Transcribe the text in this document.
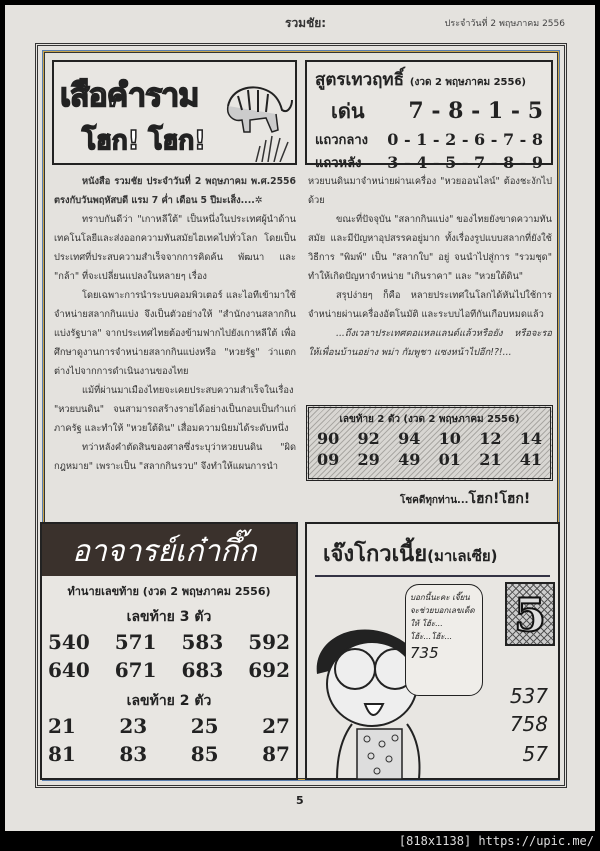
รวมชัย:	ประจำวันที่ 2 พฤษภาคม 2556
เสือคำราม
โฮก! โฮก!
สูตรเทวฤทธิ์ (งวด 2 พฤษภาคม 2556)
เด่น 7 - 8 - 1 - 5
แถวกลาง 0 - 1 - 2 - 6 - 7 - 8
แถวหลัง 3 - 4 - 5 - 7 - 8 - 9

หนังสือ รวมชัย ประจำวันที่ 2 พฤษภาคม พ.ศ.2556 ตรงกับวันพฤหัสบดี แรม 7 ค่ำ เดือน 5 ปีมะเส็ง....✲

ทราบกันดีว่า "เกาหลีใต้" เป็นหนึ่งในประเทศผู้นำด้านเทคโนโลยีและส่งออกความทันสมัยไฮเทคไปทั่วโลก โดยเป็นประเทศที่ประสบความสำเร็จจากการคิดค้น พัฒนา และ "กล้า" ที่จะเปลี่ยนแปลงในหลายๆ เรื่อง

โดยเฉพาะการนำระบบคอมพิวเตอร์ และไอทีเข้ามาใช้จำหน่ายสลากกินแบ่ง จึงเป็นตัวอย่างให้ "สำนักงานสลากกินแบ่งรัฐบาล" จากประเทศไทยต้องข้ามฟากไปยังเกาหลีใต้ เพื่อศึกษาดูงานการจำหน่ายสลากกินแบ่งหรือ "หวยรัฐ" ว่าแตกต่างไปจากการดำเนินงานของไทย

แม้ที่ผ่านมาเมืองไทยจะเคยประสบความสำเร็จในเรื่อง "หวยบนดิน" จนสามารถสร้างรายได้อย่างเป็นกอบเป็นกำแก่ภาครัฐ และทำให้ "หวยใต้ดิน" เสื่อมความนิยมได้ระดับหนึ่ง

ทว่าหลังคำตัดสินของศาลซึ่งระบุว่าหวยบนดิน "ผิดกฎหมาย" เพราะเป็น "สลากกินรวบ" จึงทำให้แผนการนำ

หวยบนดินมาจำหน่ายผ่านเครื่อง "หวยออนไลน์" ต้องชะงักไปด้วย

ขณะที่ปัจจุบัน "สลากกินแบ่ง" ของไทยยังขาดความทันสมัย และมีปัญหาอุปสรรคอยู่มาก ทั้งเรื่องรูปแบบสลากที่ยังใช้วิธีการ "พิมพ์" เป็น "สลากใบ" อยู่ จนนำไปสู่การ "รวมชุด" ทำให้เกิดปัญหาจำหน่าย "เกินราคา" และ "หวยใต้ดิน"

สรุปง่ายๆ ก็คือ หลายประเทศในโลกได้หันไปใช้การจำหน่ายผ่านเครื่องอัตโนมัติ และระบบไอทีกันเกือบหมดแล้ว

...ถึงเวลาประเทศตอแหลแลนด์แล้วหรือยัง หรือจะรอให้เพื่อนบ้านอย่าง พม่า กัมพูชา แซงหน้าไปอีก!?!...

เลขท้าย 2 ตัว (งวด 2 พฤษภาคม 2556)
90 92 94 10 12 14
09 29 49 01 21 41
โชคดีทุกท่าน...โฮก!โฮก!
อาจารย์เก๋ากึ๊ก
ทำนายเลขท้าย (งวด 2 พฤษภาคม 2556)
เลขท้าย 3 ตัว
540 571 583 592
640 671 683 692
เลขท้าย 2 ตัว
21 23 25 27
81 83 85 87
เจ๊งโกวเนี้ย(มาเลเซีย)
บอกนี้นะคะ เจี๊ยนจะช่วยบอกเลขเด็ดให้ โฮ้ะ... โฮ้ะ...โฮ้ะ...
735
5
537
758
57
5
[818x1138] https://upic.me/
